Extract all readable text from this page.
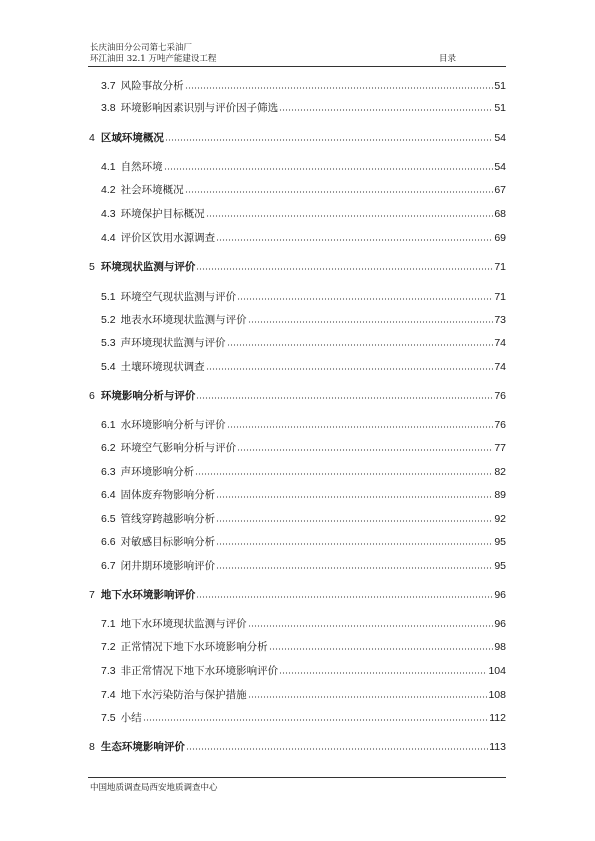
长庆油田分公司第七采油厂
环江油田 32.1 万吨产能建设工程	目录
3.7 风险事故分析	51
3.8 环境影响因素识别与评价因子筛选	51
4 区域环境概况	54
4.1 自然环境	54
4.2 社会环境概况	67
4.3 环境保护目标概况	68
4.4 评价区饮用水源调查	69
5 环境现状监测与评价	71
5.1 环境空气现状监测与评价	71
5.2 地表水环境现状监测与评价	73
5.3 声环境现状监测与评价	74
5.4 土壤环境现状调查	74
6 环境影响分析与评价	76
6.1 水环境影响分析与评价	76
6.2 环境空气影响分析与评价	77
6.3 声环境影响分析	82
6.4 固体废弃物影响分析	89
6.5 管线穿跨越影响分析	92
6.6 对敏感目标影响分析	95
6.7 闭井期环境影响评价	95
7 地下水环境影响评价	96
7.1 地下水环境现状监测与评价	96
7.2 正常情况下地下水环境影响分析	98
7.3 非正常情况下地下水环境影响评价	104
7.4 地下水污染防治与保护措施	108
7.5 小结	112
8 生态环境影响评价	113
中国地质调查局西安地质调查中心
